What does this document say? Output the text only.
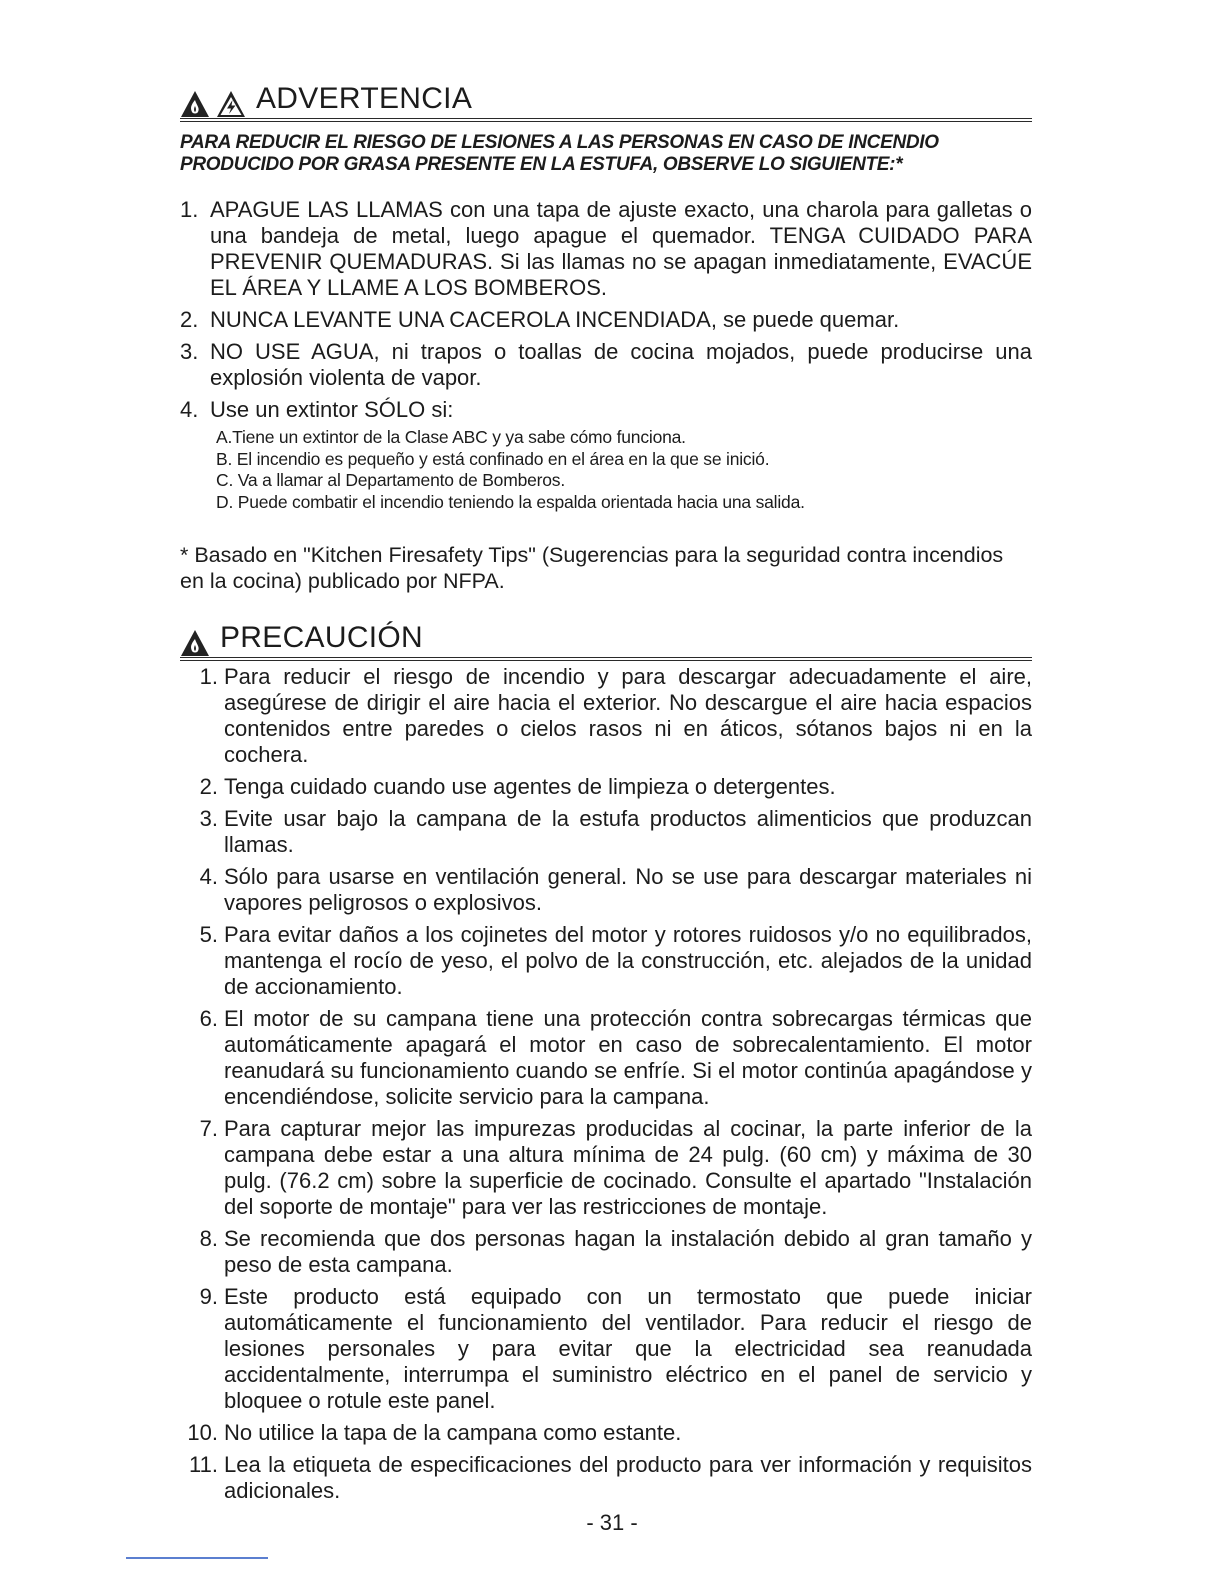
ADVERTENCIA
PARA REDUCIR EL RIESGO DE LESIONES A LAS PERSONAS EN CASO DE INCENDIO
PRODUCIDO POR GRASA PRESENTE EN LA ESTUFA, OBSERVE LO SIGUIENTE:*
1. APAGUE LAS LLAMAS con una tapa de ajuste exacto, una charola para galletas o una bandeja de metal, luego apague el quemador. TENGA CUIDADO PARA PREVENIR QUEMADURAS. Si las llamas no se apagan inmediatamente, EVACÚE EL ÁREA Y LLAME A LOS BOMBEROS.
2. NUNCA LEVANTE UNA CACEROLA INCENDIADA, se puede quemar.
3. NO USE AGUA, ni trapos o toallas de cocina mojados, puede producirse una explosión violenta de vapor.
4. Use un extintor SÓLO si:
A.Tiene un extintor de la Clase ABC y ya sabe cómo funciona.
B. El incendio es pequeño y está confinado en el área en la que se inició.
C. Va a llamar al Departamento de Bomberos.
D. Puede combatir el incendio teniendo la espalda orientada hacia una salida.
* Basado en "Kitchen Firesafety Tips" (Sugerencias para la seguridad contra incendios en la cocina) publicado por NFPA.
PRECAUCIÓN
1. Para reducir el riesgo de incendio y para descargar adecuadamente el aire, asegúrese de dirigir el aire hacia el exterior. No descargue el aire hacia espacios contenidos entre paredes o cielos rasos ni en áticos, sótanos bajos ni en la cochera.
2. Tenga cuidado cuando use agentes de limpieza o detergentes.
3. Evite usar bajo la campana de la estufa productos alimenticios que produzcan llamas.
4. Sólo para usarse en ventilación general. No se use para descargar materiales ni vapores peligrosos o explosivos.
5. Para evitar daños a los cojinetes del motor y rotores ruidosos y/o no equilibrados, mantenga el rocío de yeso, el polvo de la construcción, etc. alejados de la unidad de accionamiento.
6. El motor de su campana tiene una protección contra sobrecargas térmicas que automáticamente apagará el motor en caso de sobrecalentamiento. El motor reanudará su funcionamiento cuando se enfríe. Si el motor continúa apagándose y encendiéndose, solicite servicio para la campana.
7. Para capturar mejor las impurezas producidas al cocinar, la parte inferior de la campana debe estar a una altura mínima de 24 pulg. (60 cm) y máxima de 30 pulg. (76.2 cm) sobre la superficie de cocinado. Consulte el apartado "Instalación del soporte de montaje" para ver las restricciones de montaje.
8. Se recomienda que dos personas hagan la instalación debido al gran tamaño y peso de esta campana.
9. Este producto está equipado con un termostato que puede iniciar automáticamente el funcionamiento del ventilador. Para reducir el riesgo de lesiones personales y para evitar que la electricidad sea reanudada accidentalmente, interrumpa el suministro eléctrico en el panel de servicio y bloquee o rotule este panel.
10. No utilice la tapa de la campana como estante.
11. Lea la etiqueta de especificaciones del producto para ver información y requisitos adicionales.
- 31 -
